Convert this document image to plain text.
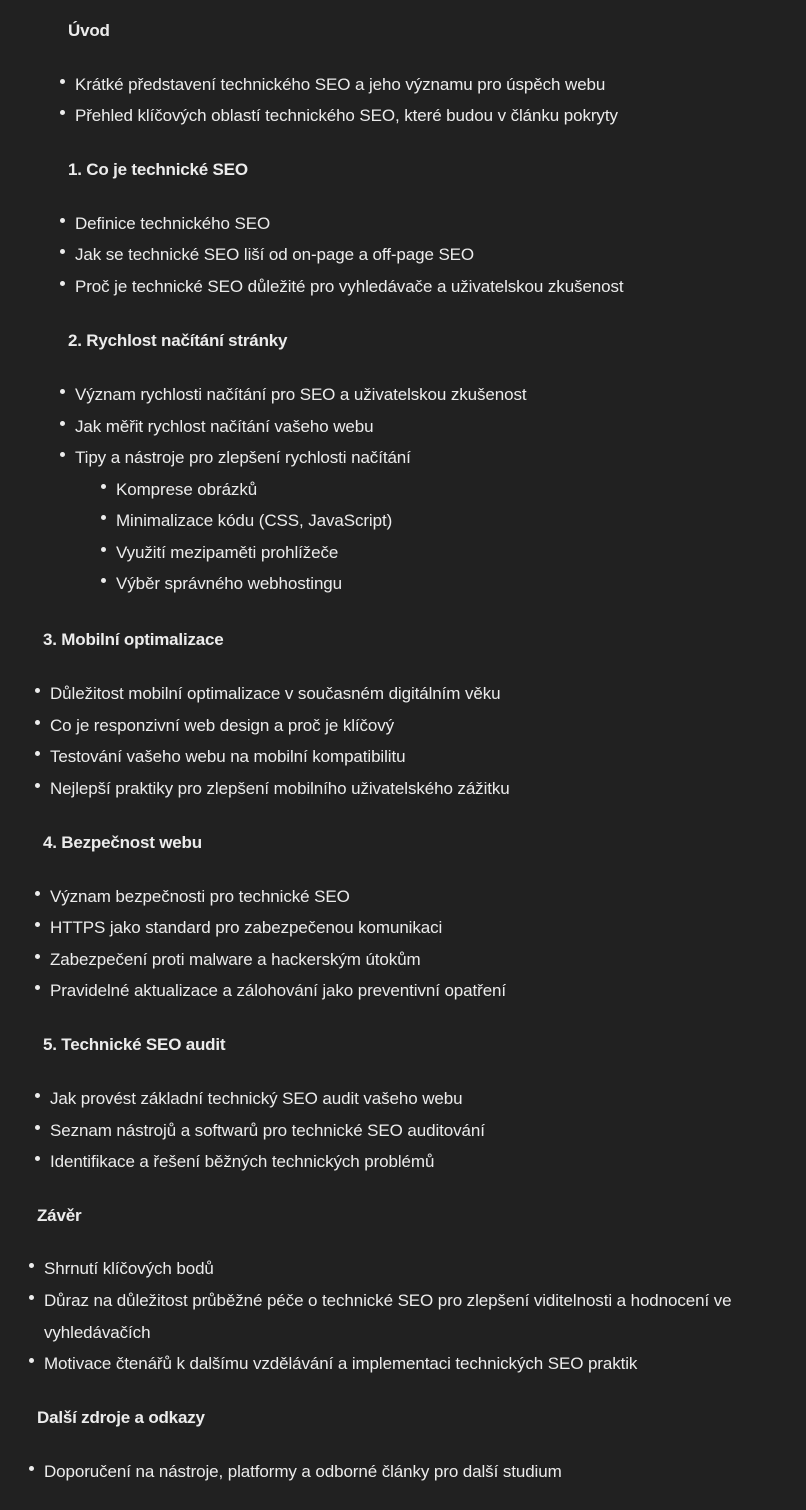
Úvod
Krátké představení technického SEO a jeho významu pro úspěch webu
Přehled klíčových oblastí technického SEO, které budou v článku pokryty
1. Co je technické SEO
Definice technického SEO
Jak se technické SEO liší od on-page a off-page SEO
Proč je technické SEO důležité pro vyhledávače a uživatelskou zkušenost
2. Rychlost načítání stránky
Význam rychlosti načítání pro SEO a uživatelskou zkušenost
Jak měřit rychlost načítání vašeho webu
Tipy a nástroje pro zlepšení rychlosti načítání
Komprese obrázků
Minimalizace kódu (CSS, JavaScript)
Využití mezipaměti prohlížeče
Výběr správného webhostingu
3. Mobilní optimalizace
Důležitost mobilní optimalizace v současném digitálním věku
Co je responzivní web design a proč je klíčový
Testování vašeho webu na mobilní kompatibilitu
Nejlepší praktiky pro zlepšení mobilního uživatelského zážitku
4. Bezpečnost webu
Význam bezpečnosti pro technické SEO
HTTPS jako standard pro zabezpečenou komunikaci
Zabezpečení proti malware a hackerským útokům
Pravidelné aktualizace a zálohování jako preventivní opatření
5. Technické SEO audit
Jak provést základní technický SEO audit vašeho webu
Seznam nástrojů a softwarů pro technické SEO auditování
Identifikace a řešení běžných technických problémů
Závěr
Shrnutí klíčových bodů
Důraz na důležitost průběžné péče o technické SEO pro zlepšení viditelnosti a hodnocení ve vyhledávačích
Motivace čtenářů k dalšímu vzdělávání a implementaci technických SEO praktik
Další zdroje a odkazy
Doporučení na nástroje, platformy a odborné články pro další studium
